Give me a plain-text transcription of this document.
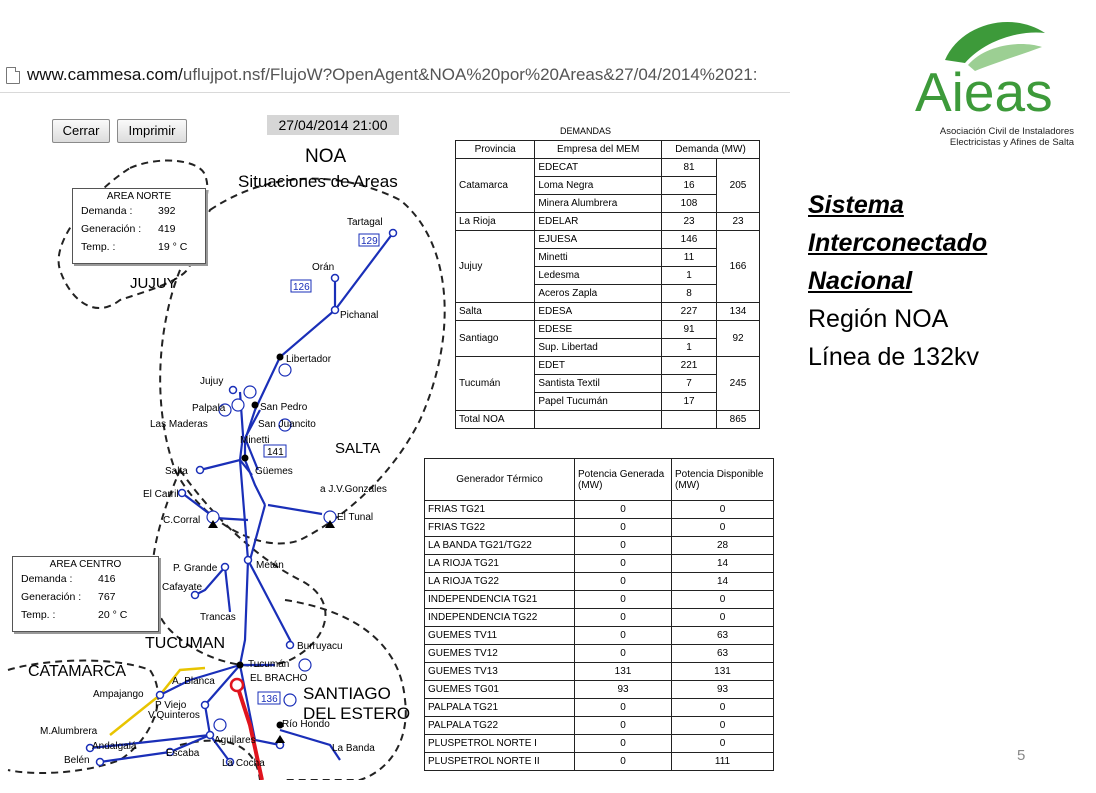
www.cammesa.com/uflujpot.nsf/FlujoW?OpenAgent&NOA%20por%20Areas&27/04/2014%2021:
Cerrar	Imprimir	27/04/2014 21:00
129
126
141
136
NOA
Situaciones de Areas
JUJUY
SALTA
TUCUMAN
CATAMARCA
SANTIAGO
DEL ESTERO
Tartagal
Orán
Pichanal
Libertador
Jujuy
Palpala	San Pedro
Las Maderas	San Juancito
Minetti
Salta	Güemes
El Carril	a J.V.Gonzales
El Tunal
C.Corral
P. Grande
Cafayate
Metán
Trancas
Burruyacu
Tucumán
EL BRACHO
A. Blanca
Ampajango
P Viejo
V.Quinteros
Río Hondo
M.Alumbrera
Andalgalá
Escaba
Aguilares
La Banda
Belén	La Cocha
AREA NORTE
Demanda : 392
Generación : 419
Temp. :	19 ° C
AREA CENTRO
Demanda : 416
Generación : 767
Temp. :	20 ° C
DEMANDAS
Provincia	Empresa del MEM	Demanda (MW)	
Catamarca	EDECAT	81	205
	Loma Negra	16	
	Minera Alumbrera	108	
La Rioja	EDELAR	23	23
Jujuy	EJUESA	146	166
	Minetti	11	
	Ledesma	1	
	Aceros Zapla	8	
Salta	EDESA	227	134
Santiago	EDESE	91	92
	Sup. Libertad	1	
Tucumán	EDET	221	245
	Santista Textil	7	
	Papel Tucumán	17	
Total NOA			865
Generador Térmico	Potencia Generada (MW)	Potencia Disponible (MW)
FRIAS TG21	0	0
FRIAS TG22	0	0
LA BANDA TG21/TG22	0	28
LA RIOJA TG21	0	14
LA RIOJA TG22	0	14
INDEPENDENCIA TG21	0	0
INDEPENDENCIA TG22	0	0
GUEMES TV11	0	63
GUEMES TV12	0	63
GUEMES TV13	131	131
GUEMES TG01	93	93
PALPALA TG21	0	0
PALPALA TG22	0	0
PLUSPETROL NORTE I	0	0
PLUSPETROL NORTE II	0	111
Aieas
Asociación Civil de Instaladores Electricistas y Afines de Salta
Sistema
Interconectado
Nacional
Región NOA
Línea de 132kv
5
